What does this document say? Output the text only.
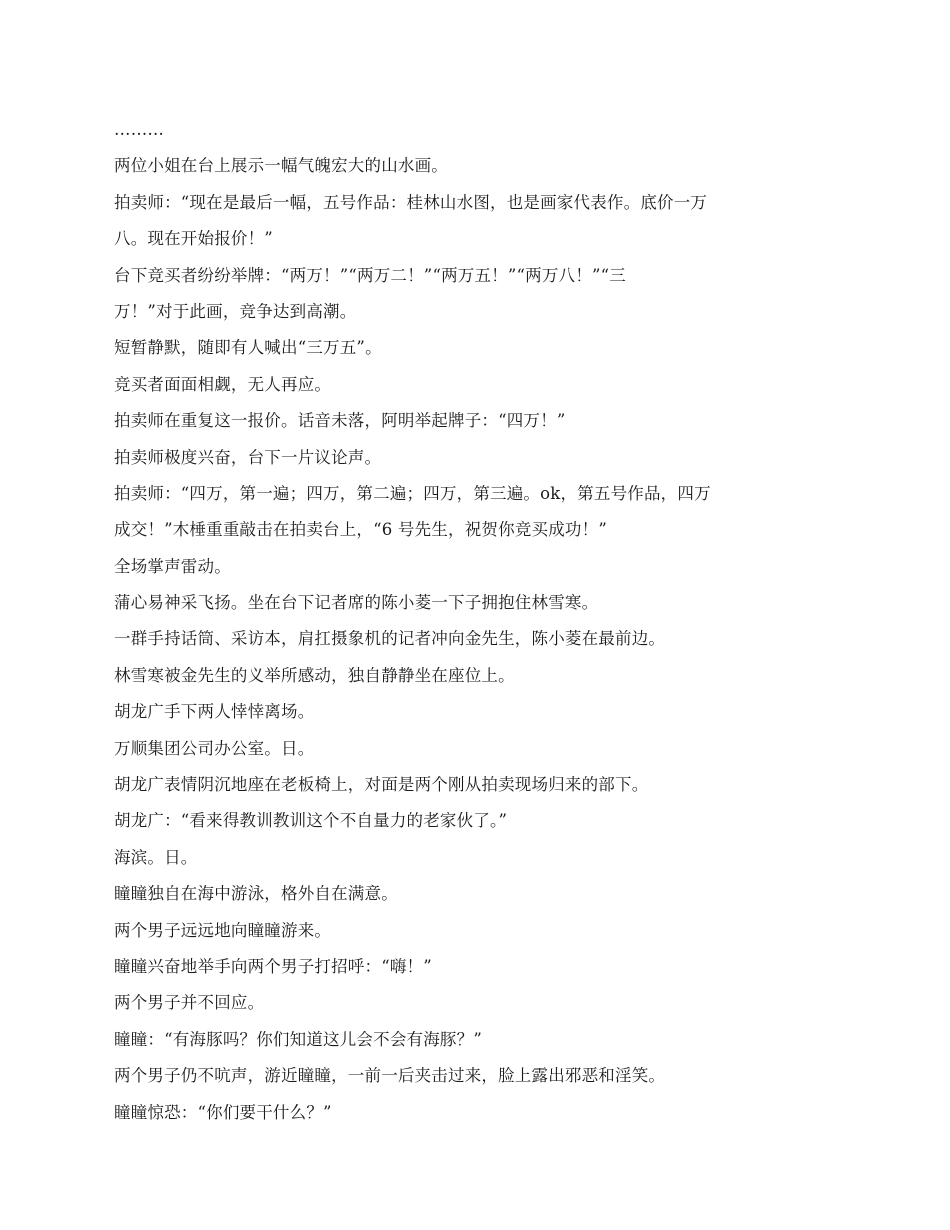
………
两位小姐在台上展示一幅气魄宏大的山水画。
拍卖师：“现在是最后一幅，五号作品：桂林山水图，也是画家代表作。底价一万
八。现在开始报价！”
台下竞买者纷纷举牌：“两万！”“两万二！”“两万五！”“两万八！”“三
万！”对于此画，竞争达到高潮。
短暂静默，随即有人喊出“三万五”。
竞买者面面相觑，无人再应。
拍卖师在重复这一报价。话音未落，阿明举起牌子：“四万！”
拍卖师极度兴奋，台下一片议论声。
拍卖师：“四万，第一遍；四万，第二遍；四万，第三遍。ok，第五号作品，四万
成交！”木棰重重敲击在拍卖台上，“6 号先生，祝贺你竞买成功！”
全场掌声雷动。
蒲心易神采飞扬。坐在台下记者席的陈小菱一下子拥抱住林雪寒。
一群手持话筒、采访本，肩扛摄象机的记者冲向金先生，陈小菱在最前边。
林雪寒被金先生的义举所感动，独自静静坐在座位上。
胡龙广手下两人悻悻离场。
万顺集团公司办公室。日。
胡龙广表情阴沉地座在老板椅上，对面是两个刚从拍卖现场归来的部下。
胡龙广：“看来得教训教训这个不自量力的老家伙了。”
海滨。日。
瞳瞳独自在海中游泳，格外自在满意。
两个男子远远地向瞳瞳游来。
瞳瞳兴奋地举手向两个男子打招呼：“嗨！”
两个男子并不回应。
瞳瞳：“有海豚吗？你们知道这儿会不会有海豚？”
两个男子仍不吭声，游近瞳瞳，一前一后夹击过来，脸上露出邪恶和淫笑。
瞳瞳惊恐：“你们要干什么？”
